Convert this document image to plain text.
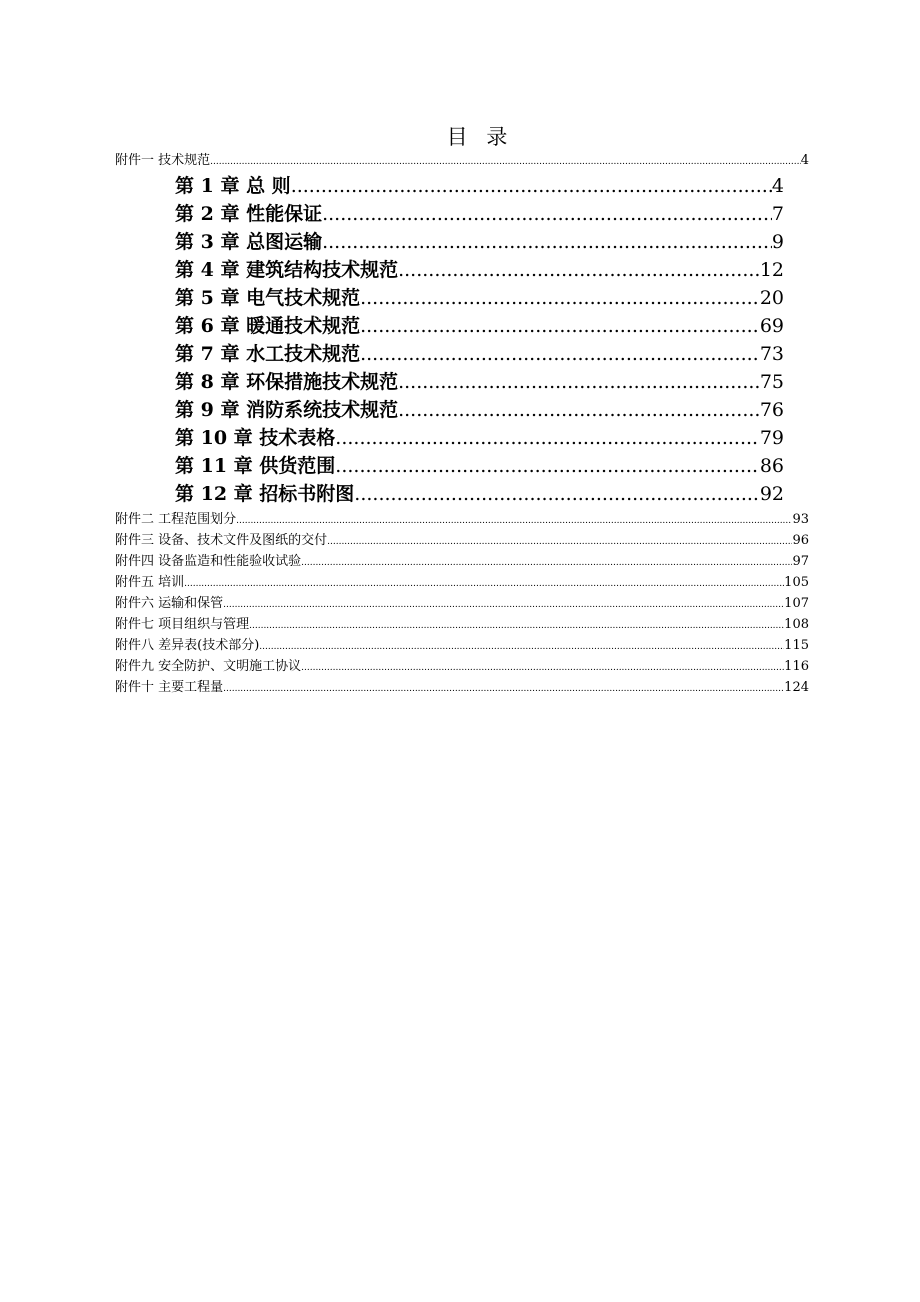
目 录
附件一 技术规范 .....	4
第 1 章 总 则 .....	4
第 2 章 性能保证 .....	7
第 3 章 总图运输 .....	9
第 4 章 建筑结构技术规范 .....	12
第 5 章 电气技术规范 .....	20
第 6 章 暖通技术规范 .....	69
第 7 章 水工技术规范 .....	73
第 8 章 环保措施技术规范 .....	75
第 9 章 消防系统技术规范 .....	76
第 10 章 技术表格 .....	79
第 11 章 供货范围 .....	86
第 12 章 招标书附图 .....	92
附件二 工程范围划分 .....	93
附件三 设备、技术文件及图纸的交付 .....	96
附件四 设备监造和性能验收试验 .....	97
附件五 培训 .....	105
附件六 运输和保管 .....	107
附件七 项目组织与管理 .....	108
附件八 差异表(技术部分) .....	115
附件九 安全防护、文明施工协议 .....	116
附件十 主要工程量 .....	124
